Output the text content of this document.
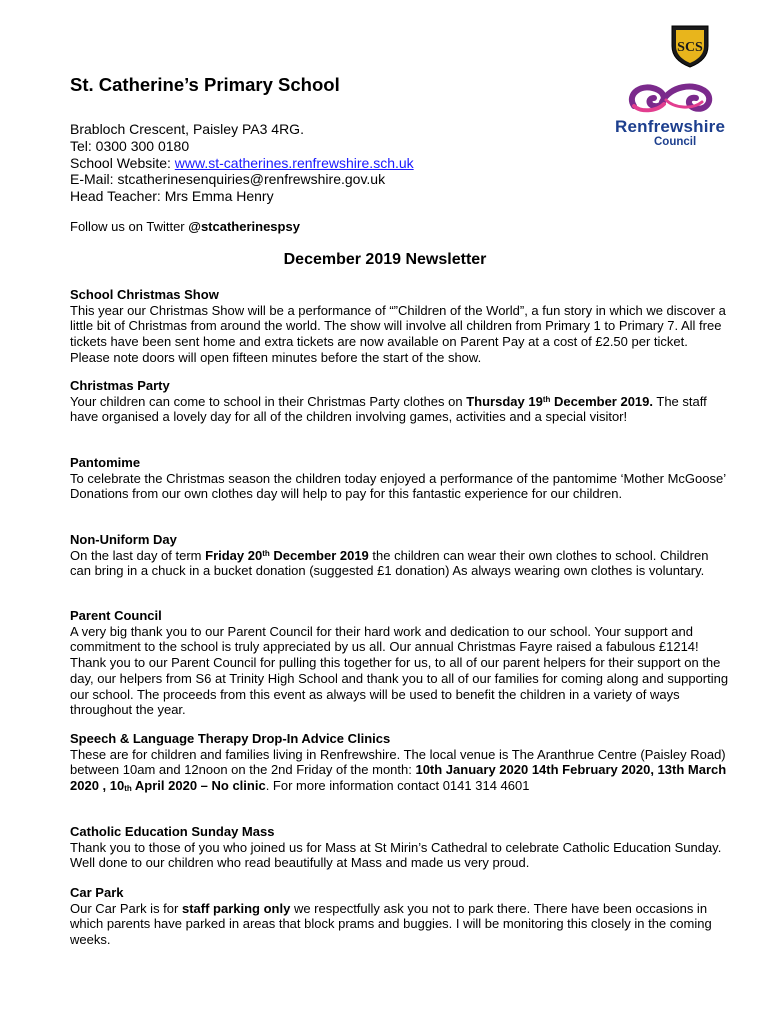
SCS
Renfrewshire
Council
St. Catherine’s Primary School
Brabloch Crescent, Paisley PA3 4RG.
Tel: 0300 300 0180
School Website: www.st-catherines.renfrewshire.sch.uk
E-Mail: stcatherinesenquiries@renfrewshire.gov.uk
Head Teacher: Mrs Emma Henry
Follow us on Twitter @stcatherinespsy
December 2019 Newsletter
School Christmas Show

This year our Christmas Show will be a performance of “”Children of the World”, a fun story in which we discover a little bit of Christmas from around the world. The show will involve all children from Primary 1 to Primary 7. All free tickets have been sent home and extra tickets are now available on Parent Pay at a cost of £2.50 per ticket. Please note doors will open fifteen minutes before the start of the show.

Christmas Party

Your children can come to school in their Christmas Party clothes on Thursday 19th December 2019. The staff have organised a lovely day for all of the children involving games, activities and a special visitor!

Pantomime

To celebrate the Christmas season the children today enjoyed a performance of the pantomime ‘Mother McGoose’ Donations from our own clothes day will help to pay for this fantastic experience for our children.

Non-Uniform Day

On the last day of term Friday 20th December 2019 the children can wear their own clothes to school. Children can bring in a chuck in a bucket donation (suggested £1 donation) As always wearing own clothes is voluntary.

Parent Council

A very big thank you to our Parent Council for their hard work and dedication to our school. Your support and commitment to the school is truly appreciated by us all. Our annual Christmas Fayre raised a fabulous £1214! Thank you to our Parent Council for pulling this together for us, to all of our parent helpers for their support on the day, our helpers from S6 at Trinity High School and thank you to all of our families for coming along and supporting our school. The proceeds from this event as always will be used to benefit the children in a variety of ways throughout the year.

Speech & Language Therapy Drop-In Advice Clinics

These are for children and families living in Renfrewshire. The local venue is The Aranthrue Centre (Paisley Road) between 10am and 12noon on the 2nd Friday of the month: 10th January 2020 14th February 2020, 13th March 2020 , $10_{th}$ April 2020 – No clinic. For more information contact 0141 314 4601

Catholic Education Sunday Mass

Thank you to those of you who joined us for Mass at St Mirin’s Cathedral to celebrate Catholic Education Sunday. Well done to our children who read beautifully at Mass and made us very proud.

Car Park

Our Car Park is for staff parking only we respectfully ask you not to park there. There have been occasions in which parents have parked in areas that block prams and buggies. I will be monitoring this closely in the coming weeks.
